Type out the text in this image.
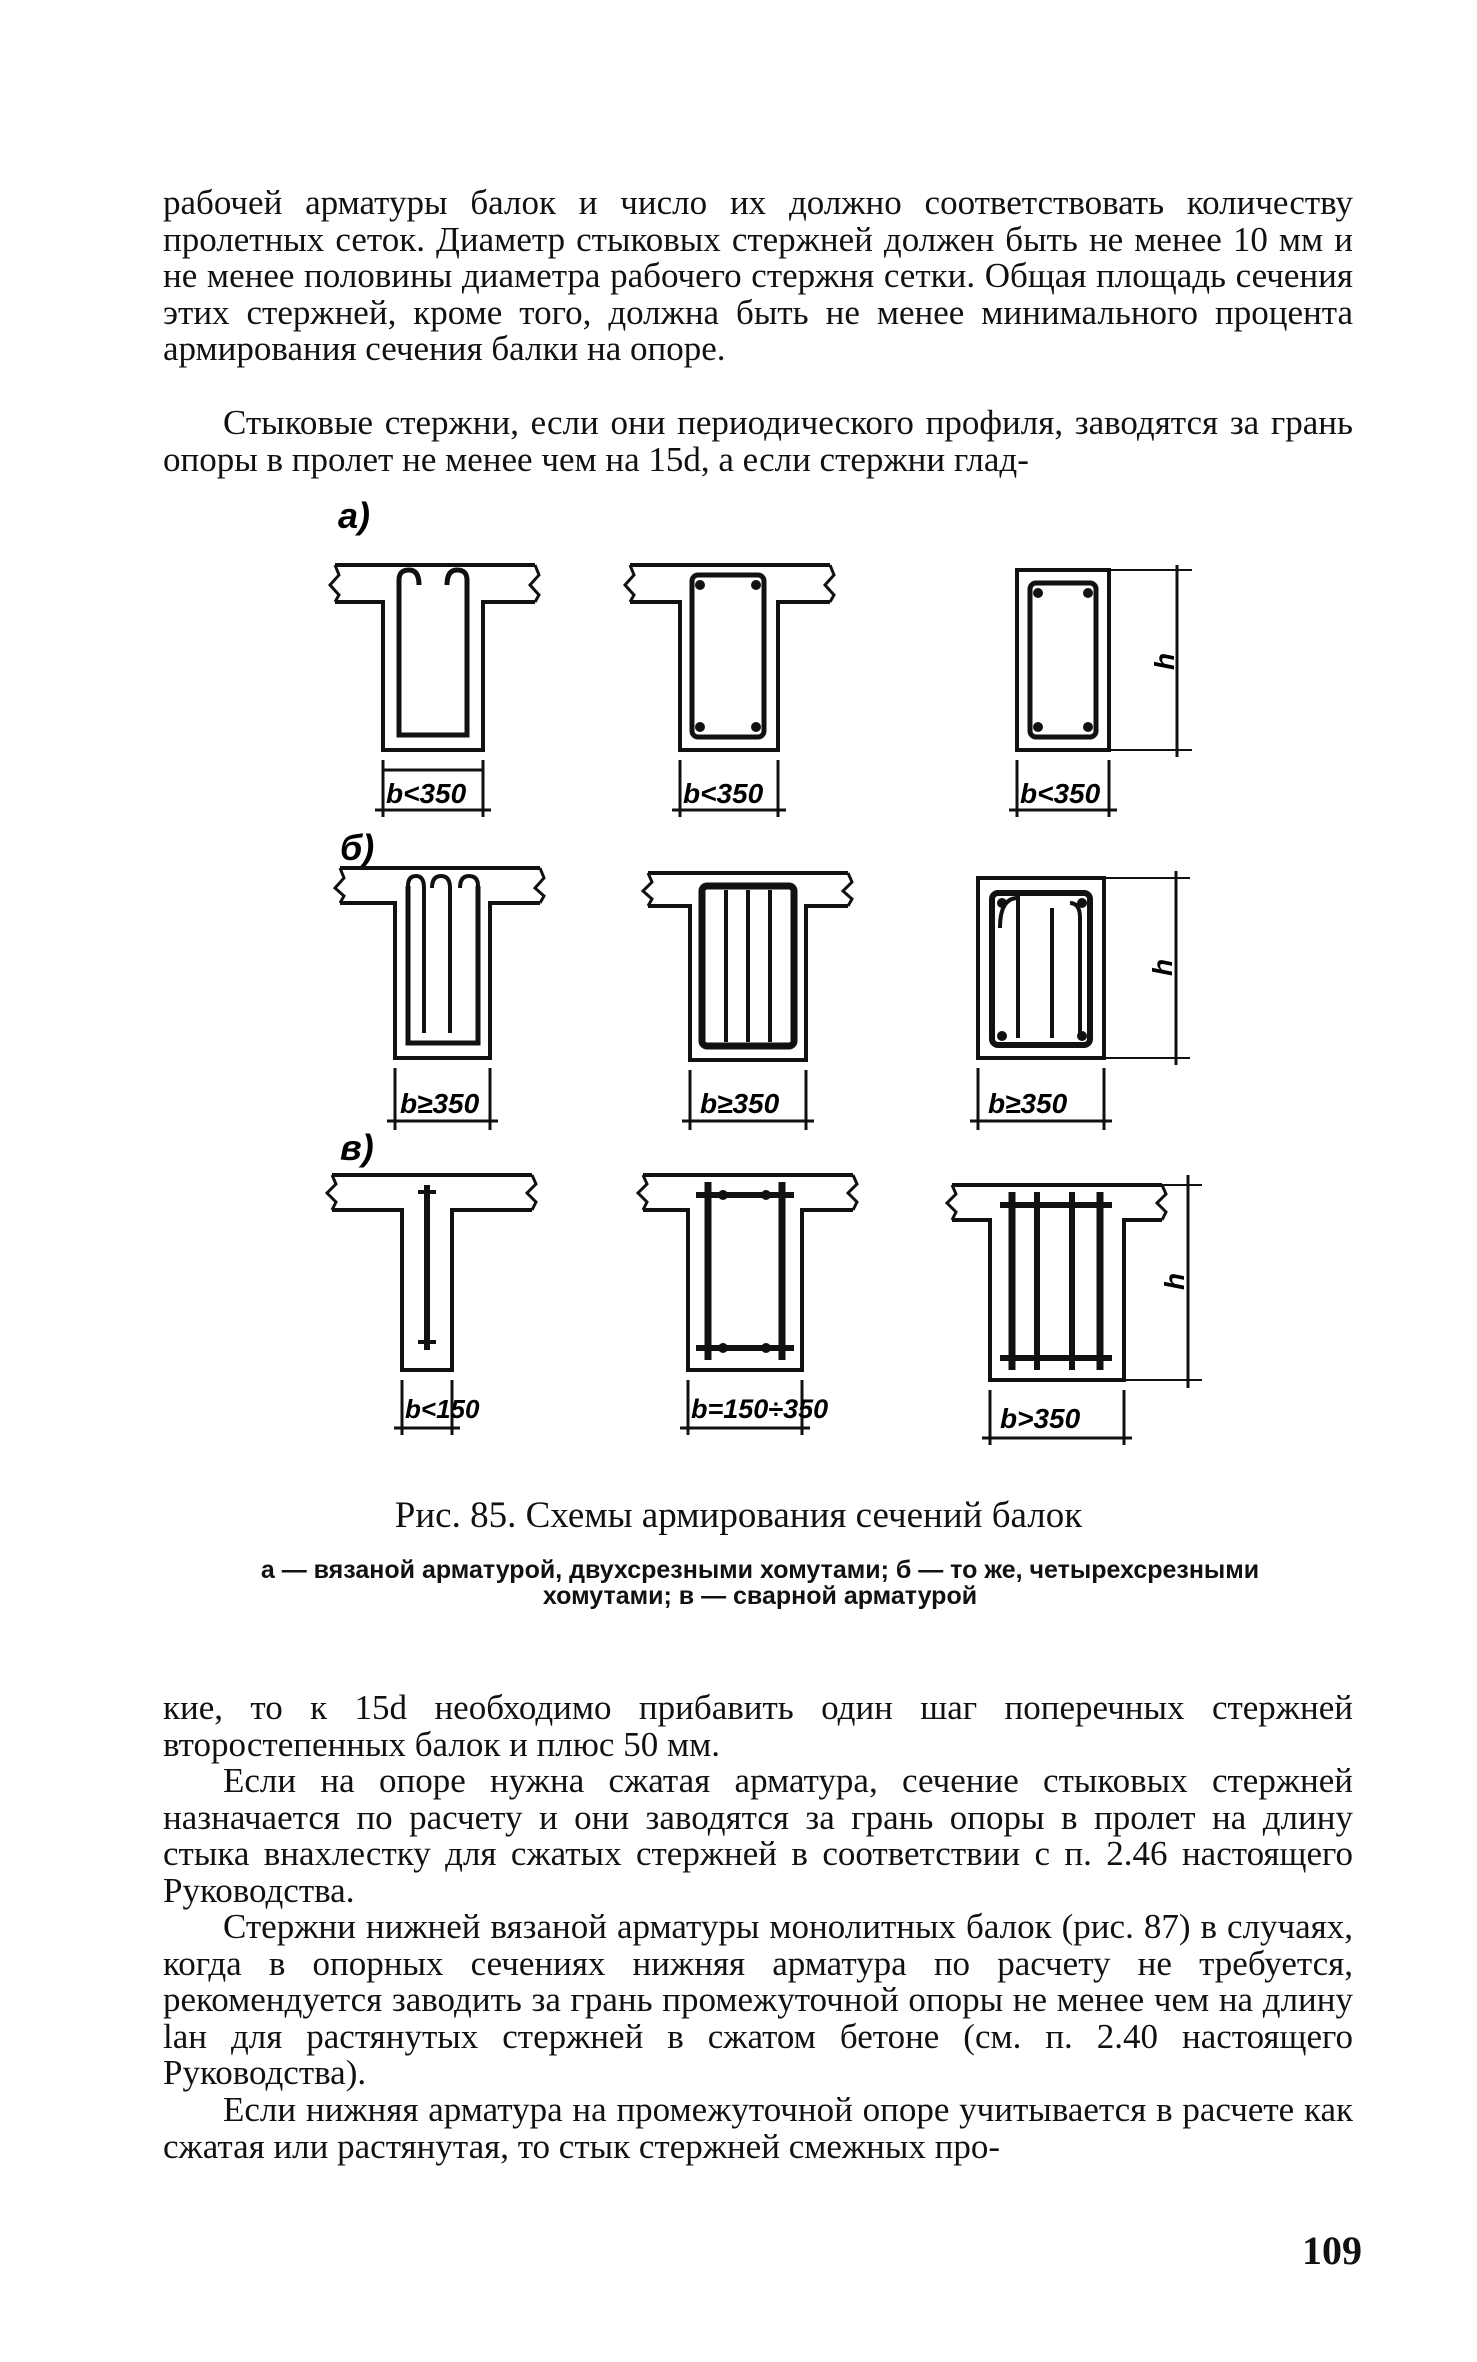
рабочей арматуры балок и число их должно соответствовать количеству пролетных сеток. Диаметр стыковых стержней должен быть не менее 10 мм и не менее половины диаметра рабочего стержня сетки. Общая площадь сечения этих стержней, кроме того, должна быть не менее минимального процента армирования сечения балки на опоре.

Стыковые стержни, если они периодического профиля, заводятся за грань опоры в пролет не менее чем на 15d, а если стержни глад-

а)
б)
в)
b<350	b<350
h
b<350
b≥350	b≥350
h
b≥350
b<150	b=150÷350
h
b>350

Рис. 85. Схемы армирования сечений балок

а — вязаной арматурой, двухсрезными хомутами; б — то же, четырехсрезными
хомутами; в — сварной арматурой

кие, то к 15d необходимо прибавить один шаг поперечных стержней второстепенных балок и плюс 50 мм.

Если на опоре нужна сжатая арматура, сечение стыковых стержней назначается по расчету и они заводятся за грань опоры в пролет на длину стыка внахлестку для сжатых стержней в соответствии с п. 2.46 настоящего Руководства.

Стержни нижней вязаной арматуры монолитных балок (рис. 87) в случаях, когда в опорных сечениях нижняя арматура по расчету не требуется, рекомендуется заводить за грань промежуточной опоры не менее чем на длину lан для растянутых стержней в сжатом бетоне (см. п. 2.40 настоящего Руководства).

Если нижняя арматура на промежуточной опоре учитывается в расчете как сжатая или растянутая, то стык стержней смежных про-

109
